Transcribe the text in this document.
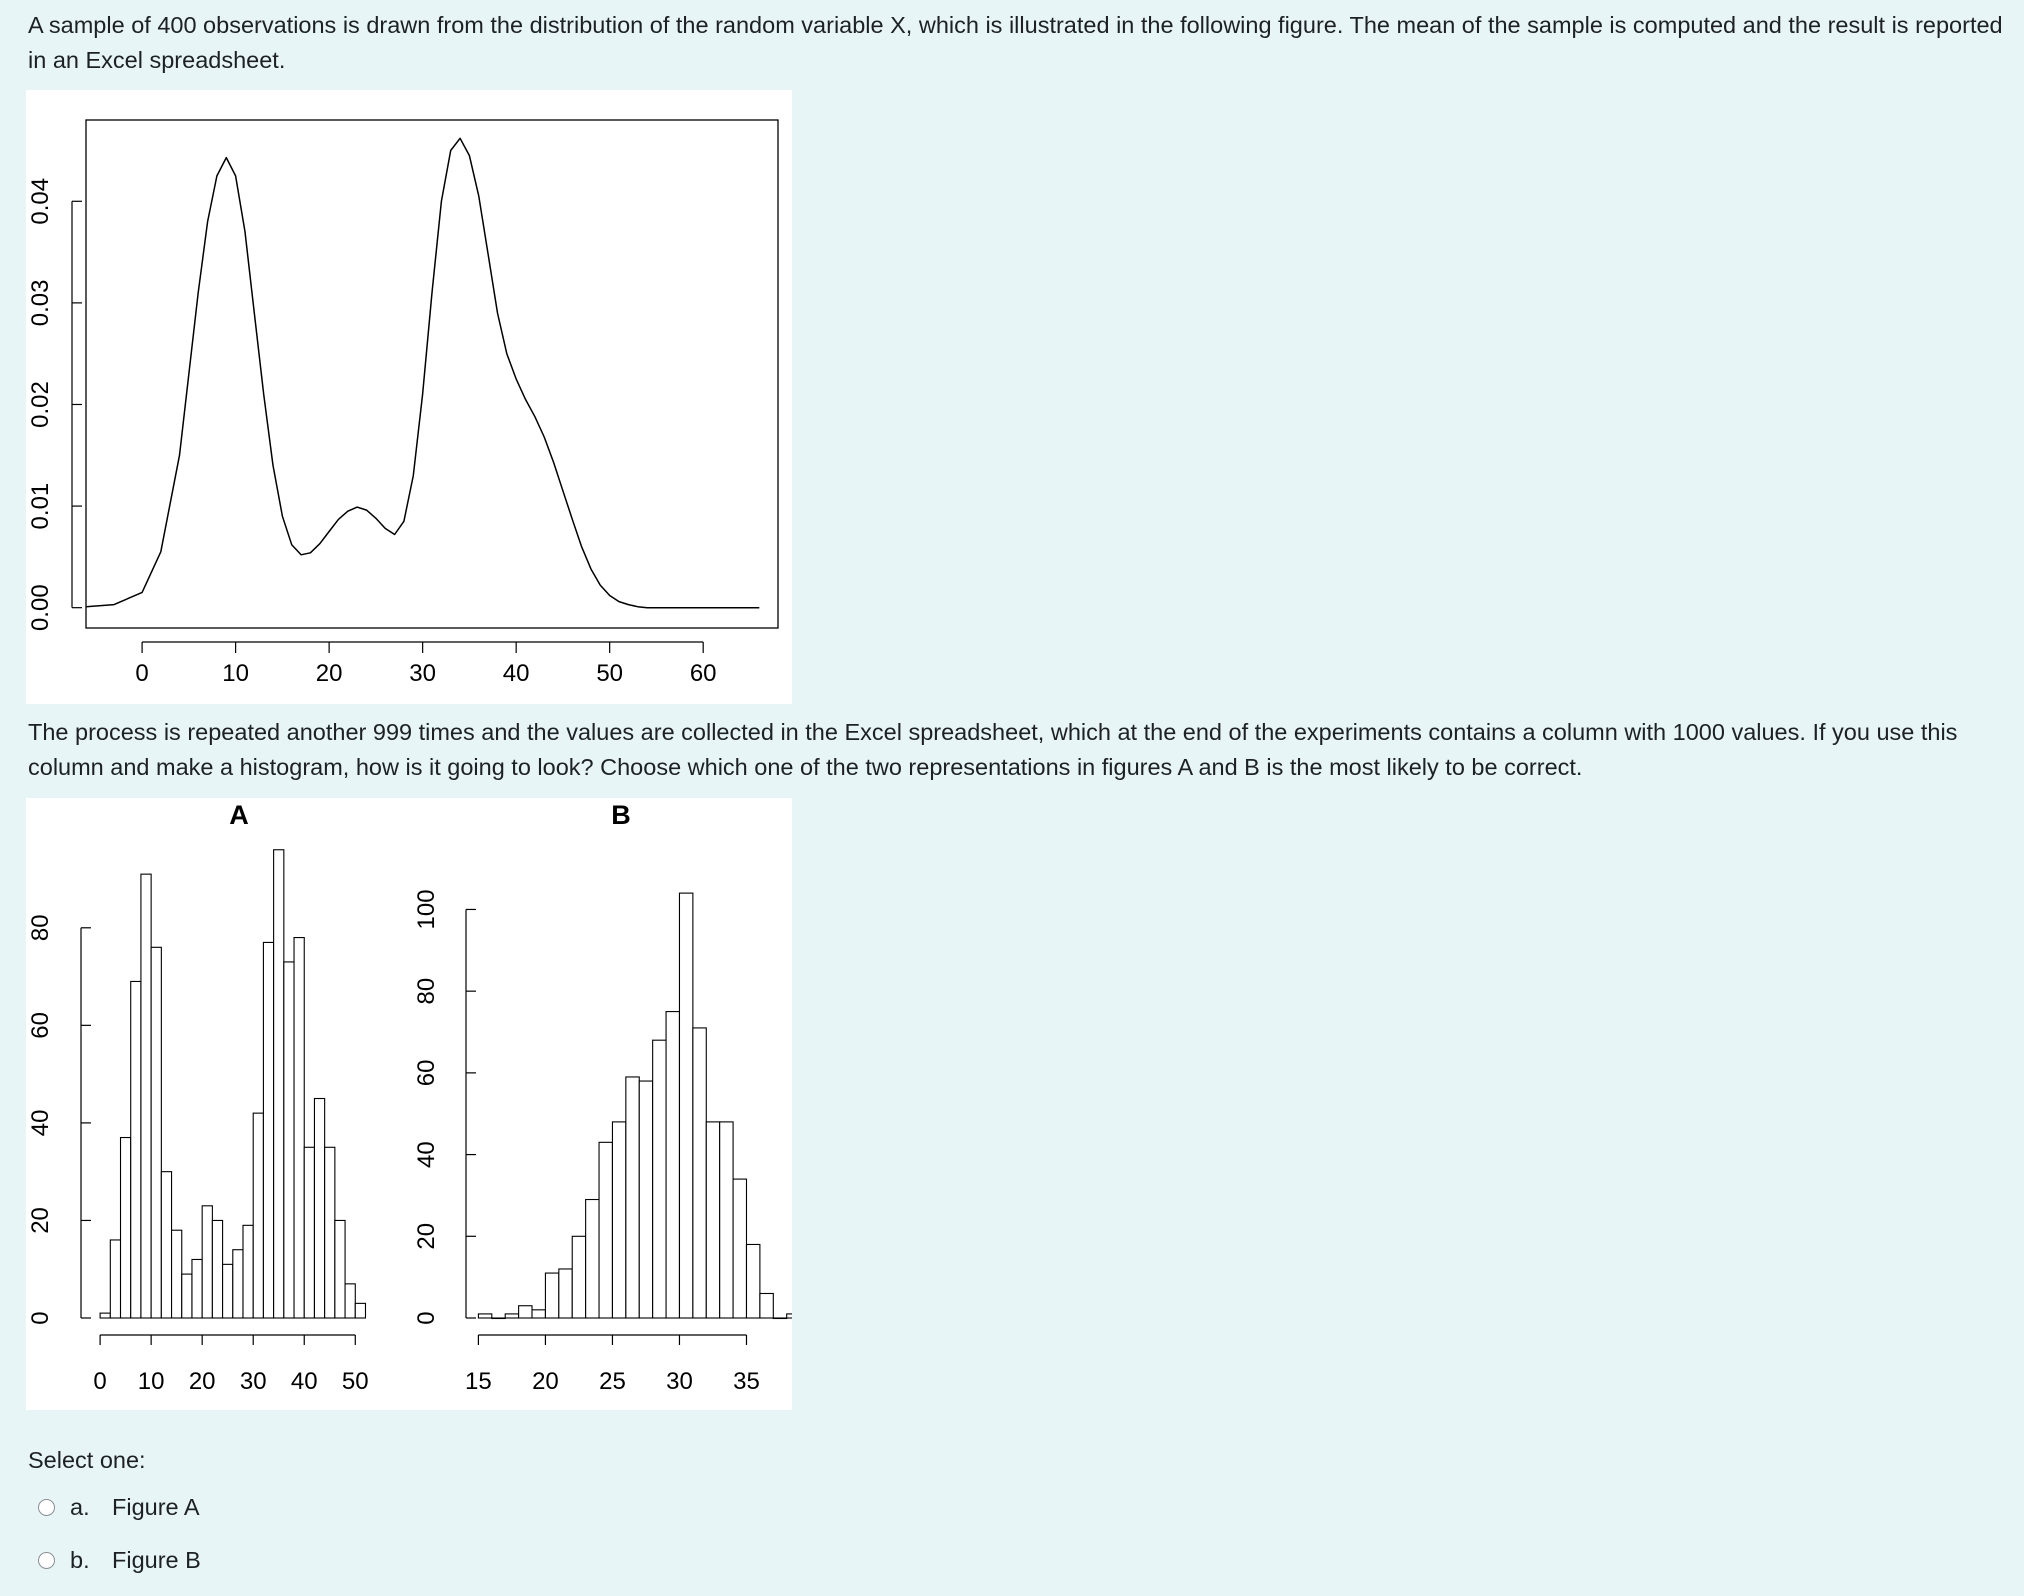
A sample of 400 observations is drawn from the distribution of the random variable X, which is illustrated in the following figure. The mean of the sample is computed and the result is reported in an Excel spreadsheet.

0	10	20	30	40	50	60
0.00
0.01
0.02
0.03
0.04

The process is repeated another 999 times and the values are collected in the Excel spreadsheet, which at the end of the experiments contains a column with 1000 values. If you use this column and make a histogram, how is it going to look? Choose which one of the two representations in figures A and B is the most likely to be correct.

A
0 10 20 30 40 50
0
20
40
60
80
B
15 20 25 30 35
0
20
40
60
80
100
Select one:
a. Figure A
b. Figure B
